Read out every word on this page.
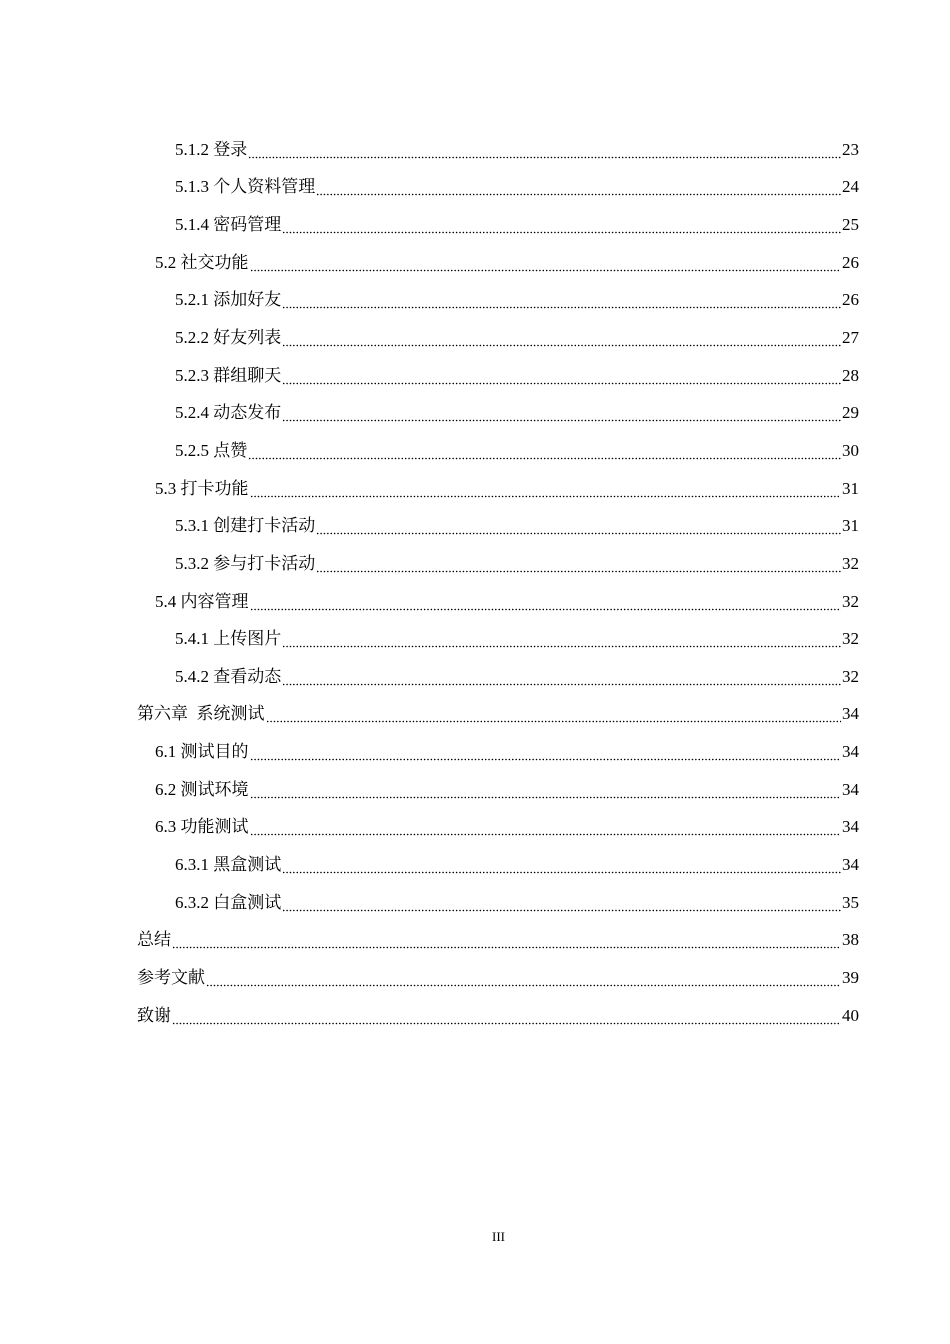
5.1.2 登录	23
5.1.3 个人资料管理	24
5.1.4 密码管理	25
5.2 社交功能	26
5.2.1 添加好友	26
5.2.2 好友列表	27
5.2.3 群组聊天	28
5.2.4 动态发布	29
5.2.5 点赞	30
5.3 打卡功能	31
5.3.1 创建打卡活动	31
5.3.2 参与打卡活动	32
5.4 内容管理	32
5.4.1 上传图片	32
5.4.2 查看动态	32
第六章  系统测试	34
6.1 测试目的	34
6.2 测试环境	34
6.3 功能测试	34
6.3.1 黑盒测试	34
6.3.2 白盒测试	35
总结	38
参考文献	39
致谢	40
III
